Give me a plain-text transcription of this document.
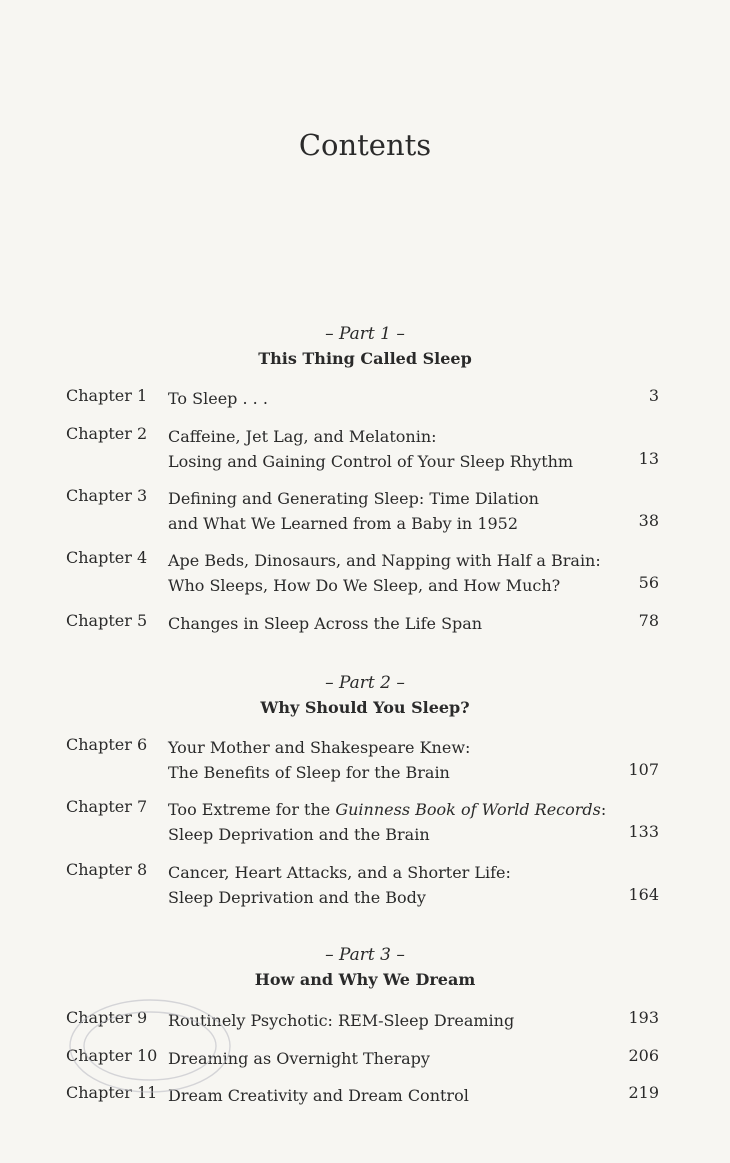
Contents
– Part 1 –
This Thing Called Sleep
Chapter 1 To Sleep . . .	3
Chapter 2 Caffeine, Jet Lag, and Melatonin:
Losing and Gaining Control of Your Sleep Rhythm	13
Chapter 3 Defining and Generating Sleep: Time Dilation
and What We Learned from a Baby in 1952	38
Chapter 4 Ape Beds, Dinosaurs, and Napping with Half a Brain:
Who Sleeps, How Do We Sleep, and How Much?	56
Chapter 5 Changes in Sleep Across the Life Span	78
– Part 2 –
Why Should You Sleep?
Chapter 6 Your Mother and Shakespeare Knew:
The Benefits of Sleep for the Brain	107
Chapter 7 Too Extreme for the Guinness Book of World Records:
Sleep Deprivation and the Brain	133
Chapter 8 Cancer, Heart Attacks, and a Shorter Life:
Sleep Deprivation and the Body	164
– Part 3 –
How and Why We Dream
Chapter 9 Routinely Psychotic: REM-Sleep Dreaming	193
Chapter 10 Dreaming as Overnight Therapy	206
Chapter 11 Dream Creativity and Dream Control	219
